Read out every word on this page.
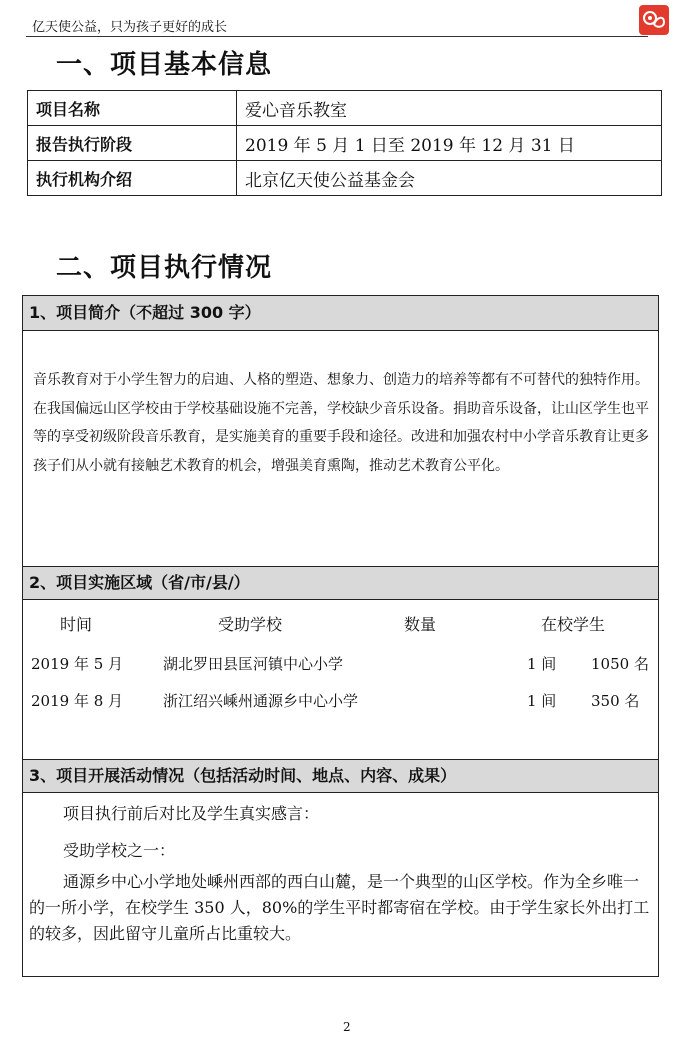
亿天使公益，只为孩子更好的成长
一、项目基本信息
项目名称	爱心音乐教室
报告执行阶段	2019 年 5 月 1 日至 2019 年 12 月 31 日
执行机构介绍	北京亿天使公益基金会
二、项目执行情况
1、项目简介（不超过 300 字）
音乐教育对于小学生智力的启迪、人格的塑造、想象力、创造力的培养等都有不可替代的独特作用。在我国偏远山区学校由于学校基础设施不完善，学校缺少音乐设备。捐助音乐设备，让山区学生也平等的享受初级阶段音乐教育，是实施美育的重要手段和途径。改进和加强农村中小学音乐教育让更多孩子们从小就有接触艺术教育的机会，增强美育熏陶，推动艺术教育公平化。
2、项目实施区域（省/市/县/）
时间	受助学校	数量	在校学生
2019 年 5 月	湖北罗田县匡河镇中心小学	1 间 1050 名
2019 年 8 月	浙江绍兴嵊州通源乡中心小学	1 间 350 名
3、项目开展活动情况（包括活动时间、地点、内容、成果）
项目执行前后对比及学生真实感言：
受助学校之一：
通源乡中心小学地处嵊州西部的西白山麓，是一个典型的山区学校。作为全乡唯一的一所小学，在校学生 350 人，80%的学生平时都寄宿在学校。由于学生家长外出打工的较多，因此留守儿童所占比重较大。
2
